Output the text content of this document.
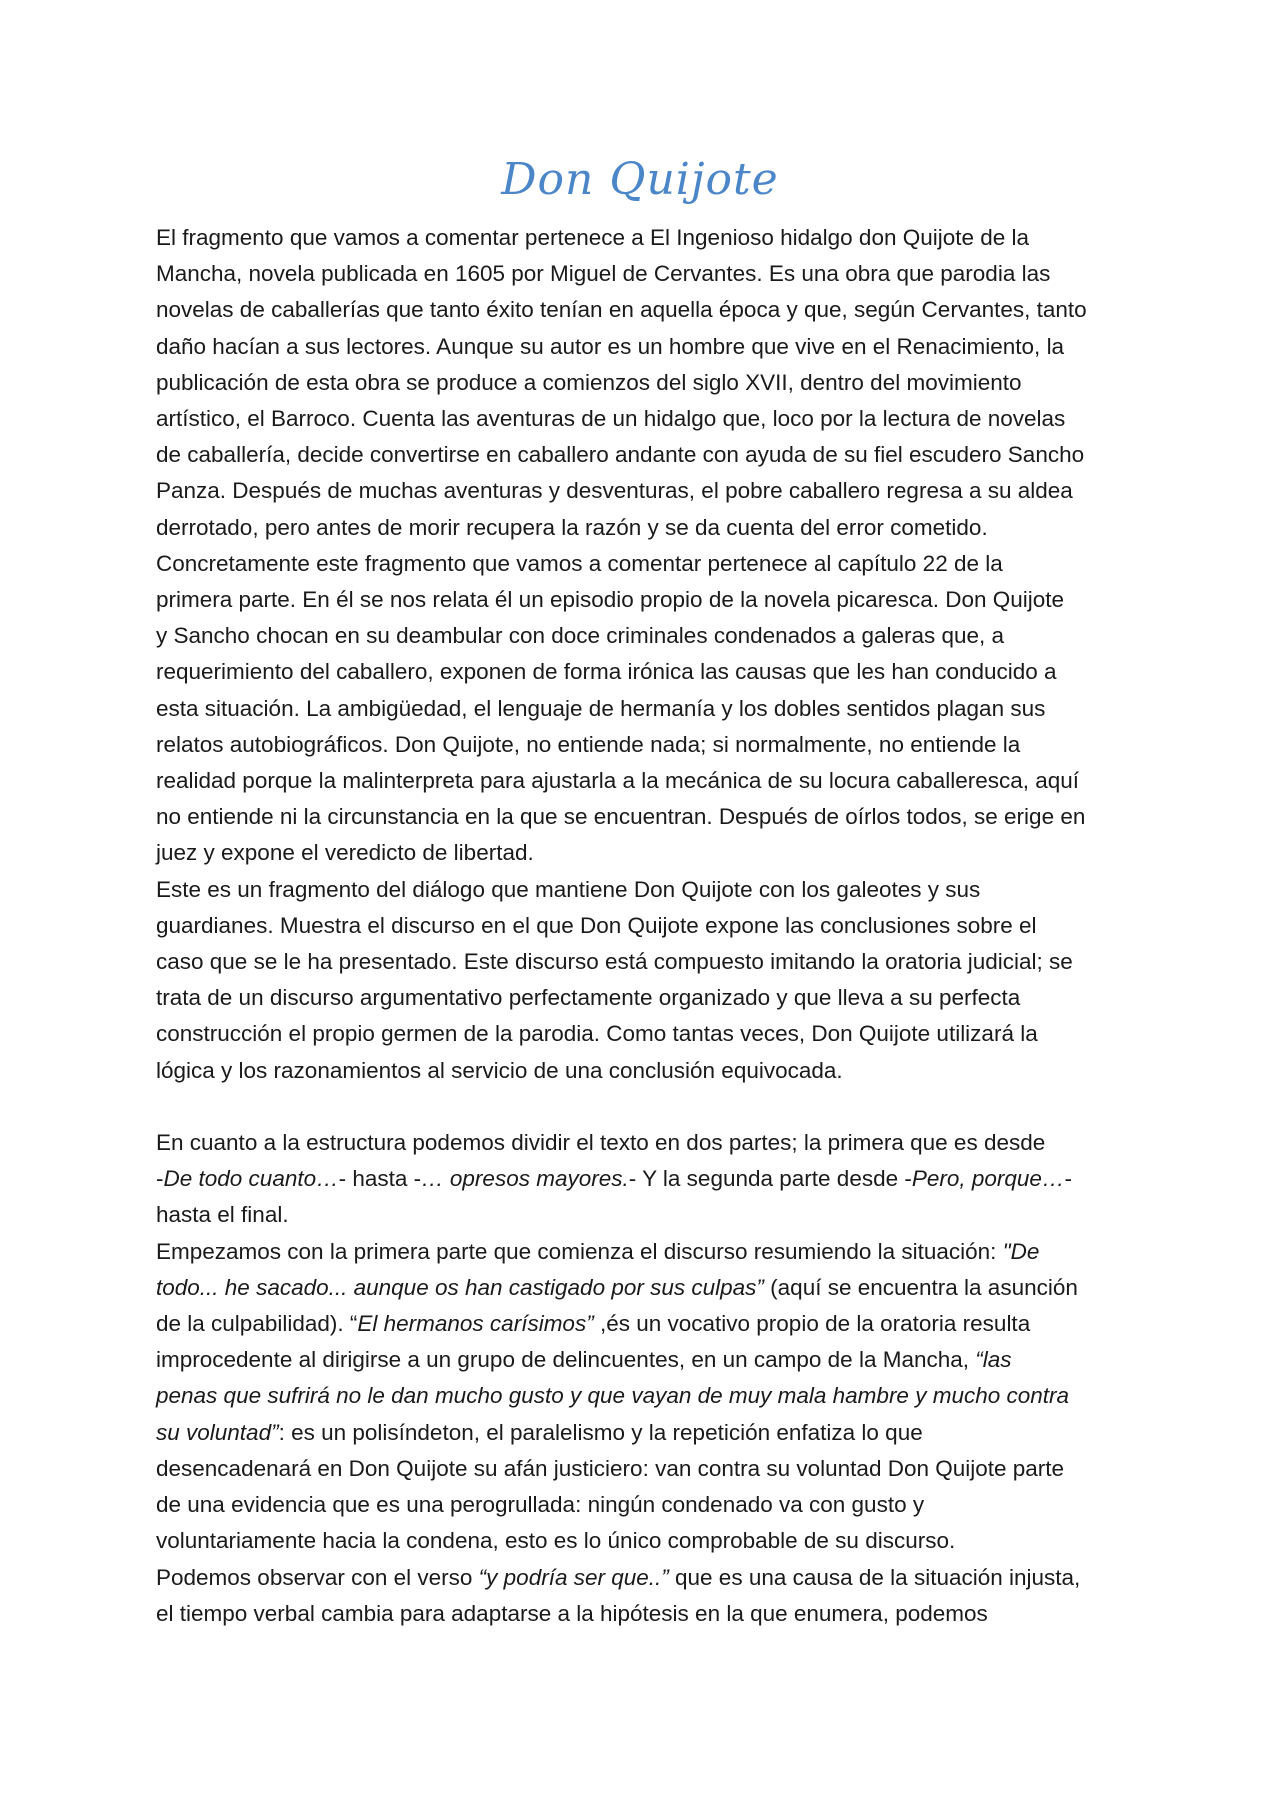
Don Quijote
El fragmento que vamos a comentar pertenece a El Ingenioso hidalgo don Quijote de la
Mancha, novela publicada en 1605 por Miguel de Cervantes. Es una obra que parodia las
novelas de caballerías que tanto éxito tenían en aquella época y que, según Cervantes, tanto
daño hacían a sus lectores. Aunque su autor es un hombre que vive en el Renacimiento, la
publicación de esta obra se produce a comienzos del siglo XVII, dentro del movimiento
artístico, el Barroco. Cuenta las aventuras de un hidalgo que, loco por la lectura de novelas
de caballería, decide convertirse en caballero andante con ayuda de su fiel escudero Sancho
Panza. Después de muchas aventuras y desventuras, el pobre caballero regresa a su aldea
derrotado, pero antes de morir recupera la razón y se da cuenta del error cometido.
Concretamente este fragmento que vamos a comentar pertenece al capítulo 22 de la
primera parte. En él se nos relata él un episodio propio de la novela picaresca. Don Quijote
y Sancho chocan en su deambular con doce criminales condenados a galeras que, a
requerimiento del caballero, exponen de forma irónica las causas que les han conducido a
esta situación. La ambigüedad, el lenguaje de hermanía y los dobles sentidos plagan sus
relatos autobiográficos. Don Quijote, no entiende nada; si normalmente, no entiende la
realidad porque la malinterpreta para ajustarla a la mecánica de su locura caballeresca, aquí
no entiende ni la circunstancia en la que se encuentran. Después de oírlos todos, se erige en
juez y expone el veredicto de libertad.
Este es un fragmento del diálogo que mantiene Don Quijote con los galeotes y sus
guardianes. Muestra el discurso en el que Don Quijote expone las conclusiones sobre el
caso que se le ha presentado. Este discurso está compuesto imitando la oratoria judicial; se
trata de un discurso argumentativo perfectamente organizado y que lleva a su perfecta
construcción el propio germen de la parodia. Como tantas veces, Don Quijote utilizará la
lógica y los razonamientos al servicio de una conclusión equivocada.
En cuanto a la estructura podemos dividir el texto en dos partes; la primera que es desde
-De todo cuanto…- hasta -… opresos mayores.- Y la segunda parte desde -Pero, porque…-
hasta el final.
Empezamos con la primera parte que comienza el discurso resumiendo la situación: "De
todo... he sacado... aunque os han castigado por sus culpas” (aquí se encuentra la asunción
de la culpabilidad). “El hermanos carísimos” ,és un vocativo propio de la oratoria resulta
improcedente al dirigirse a un grupo de delincuentes, en un campo de la Mancha, “las
penas que sufrirá no le dan mucho gusto y que vayan de muy mala hambre y mucho contra
su voluntad”: es un polisíndeton, el paralelismo y la repetición enfatiza lo que
desencadenará en Don Quijote su afán justiciero: van contra su voluntad Don Quijote parte
de una evidencia que es una perogrullada: ningún condenado va con gusto y
voluntariamente hacia la condena, esto es lo único comprobable de su discurso.
Podemos observar con el verso “y podría ser que..” que es una causa de la situación injusta,
el tiempo verbal cambia para adaptarse a la hipótesis en la que enumera, podemos
